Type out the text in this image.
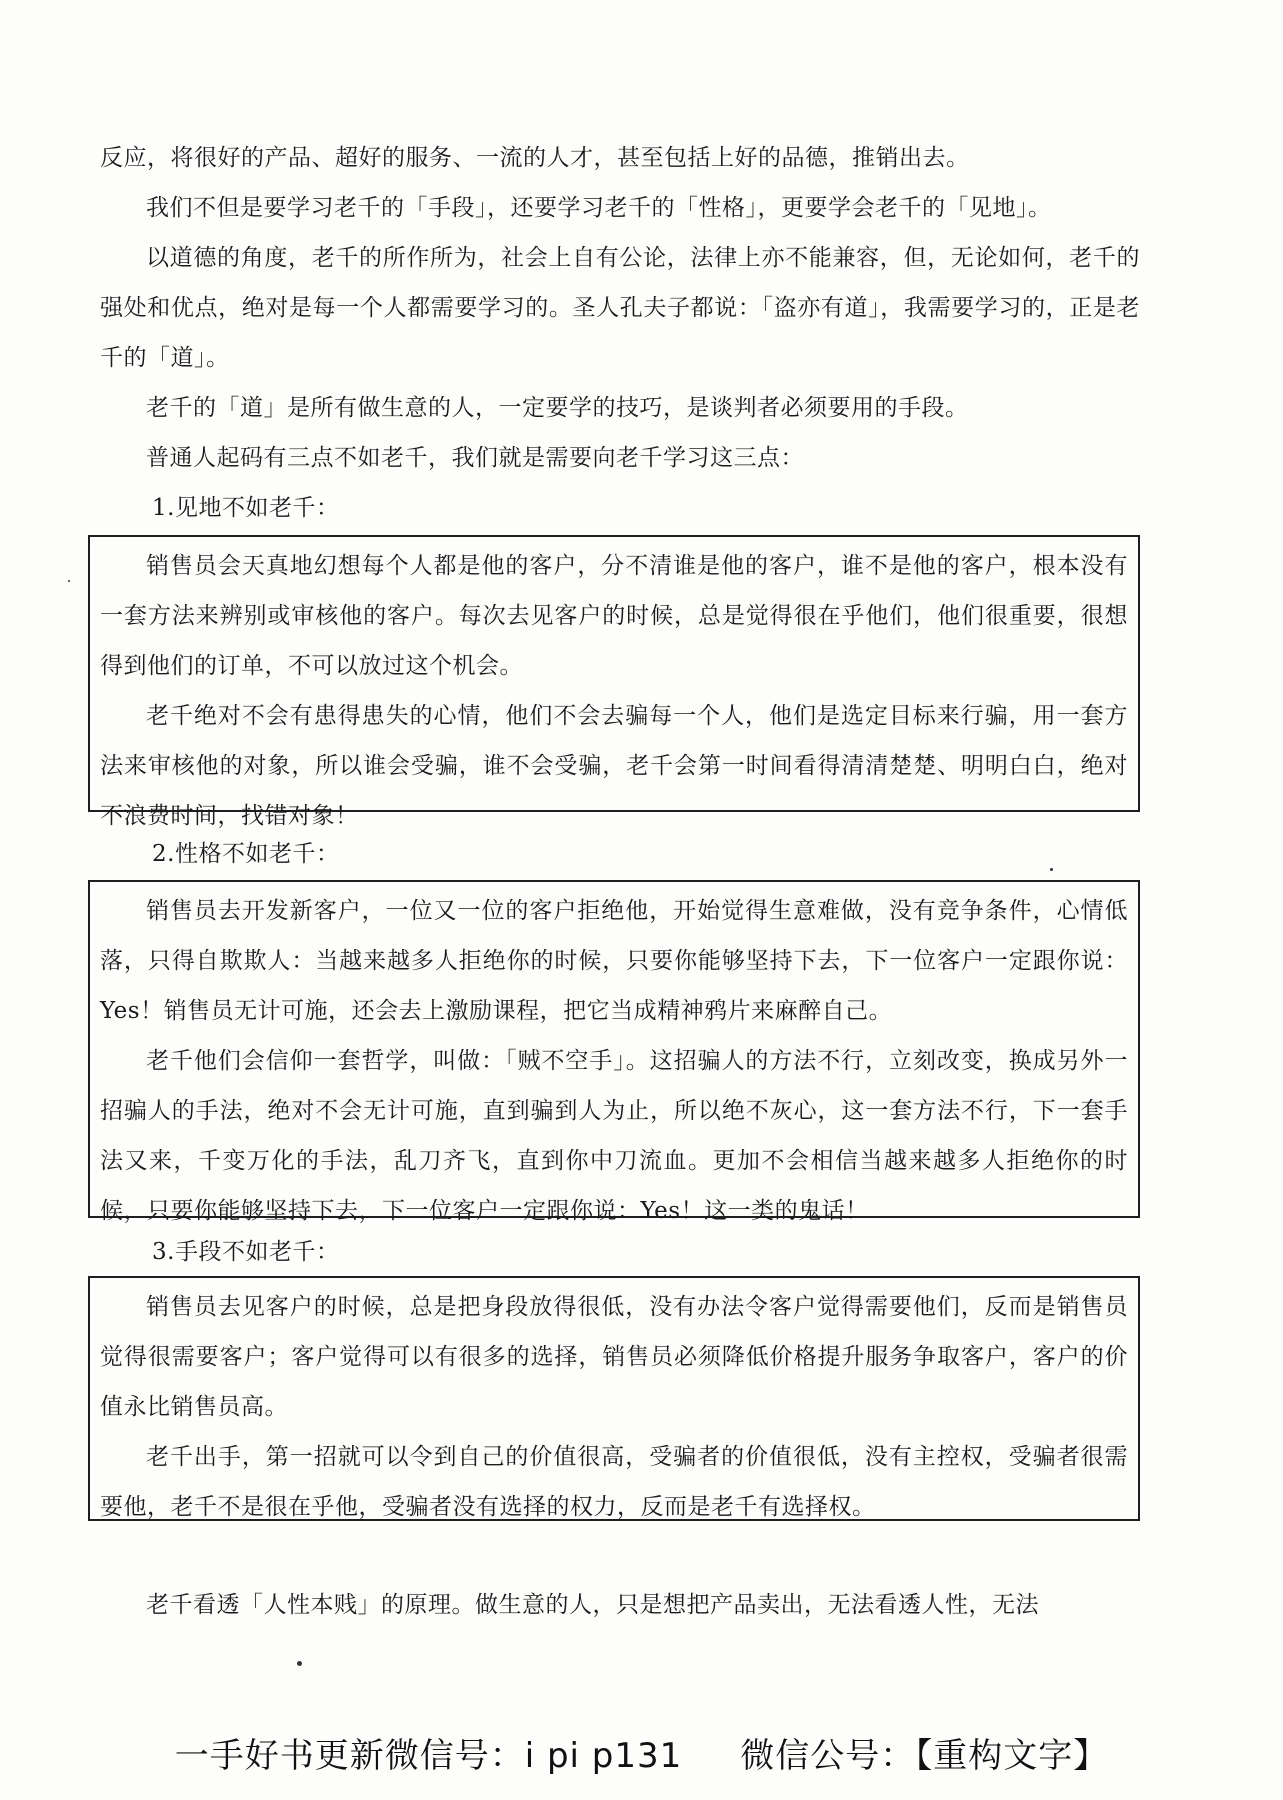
反应，将很好的产品、超好的服务、一流的人才，甚至包括上好的品德，推销出去。

我们不但是要学习老千的「手段」，还要学习老千的「性格」，更要学会老千的「见地」。

以道德的角度，老千的所作所为，社会上自有公论，法律上亦不能兼容，但，无论如何，老千的强处和优点，绝对是每一个人都需要学习的。圣人孔夫子都说：「盗亦有道」，我需要学习的，正是老千的「道」。

老千的「道」是所有做生意的人，一定要学的技巧，是谈判者必须要用的手段。

普通人起码有三点不如老千，我们就是需要向老千学习这三点：

1.见地不如老千：

销售员会天真地幻想每个人都是他的客户，分不清谁是他的客户，谁不是他的客户，根本没有一套方法来辨别或审核他的客户。每次去见客户的时候，总是觉得很在乎他们，他们很重要，很想得到他们的订单，不可以放过这个机会。

老千绝对不会有患得患失的心情，他们不会去骗每一个人，他们是选定目标来行骗，用一套方法来审核他的对象，所以谁会受骗，谁不会受骗，老千会第一时间看得清清楚楚、明明白白，绝对不浪费时间，找错对象！

2.性格不如老千：

销售员去开发新客户，一位又一位的客户拒绝他，开始觉得生意难做，没有竞争条件，心情低落，只得自欺欺人：当越来越多人拒绝你的时候，只要你能够坚持下去，下一位客户一定跟你说：Yes！销售员无计可施，还会去上激励课程，把它当成精神鸦片来麻醉自己。

老千他们会信仰一套哲学，叫做：「贼不空手」。这招骗人的方法不行，立刻改变，换成另外一招骗人的手法，绝对不会无计可施，直到骗到人为止，所以绝不灰心，这一套方法不行，下一套手法又来，千变万化的手法，乱刀齐飞，直到你中刀流血。更加不会相信当越来越多人拒绝你的时候，只要你能够坚持下去，下一位客户一定跟你说：Yes！这一类的鬼话！

3.手段不如老千：

销售员去见客户的时候，总是把身段放得很低，没有办法令客户觉得需要他们，反而是销售员觉得很需要客户；客户觉得可以有很多的选择，销售员必须降低价格提升服务争取客户，客户的价值永比销售员高。

老千出手，第一招就可以令到自己的价值很高，受骗者的价值很低，没有主控权，受骗者很需要他，老千不是很在乎他，受骗者没有选择的权力，反而是老千有选择权。

老千看透「人性本贱」的原理。做生意的人，只是想把产品卖出，无法看透人性，无法

一手好书更新微信号：i pi p131 微信公号：【重构文字】
